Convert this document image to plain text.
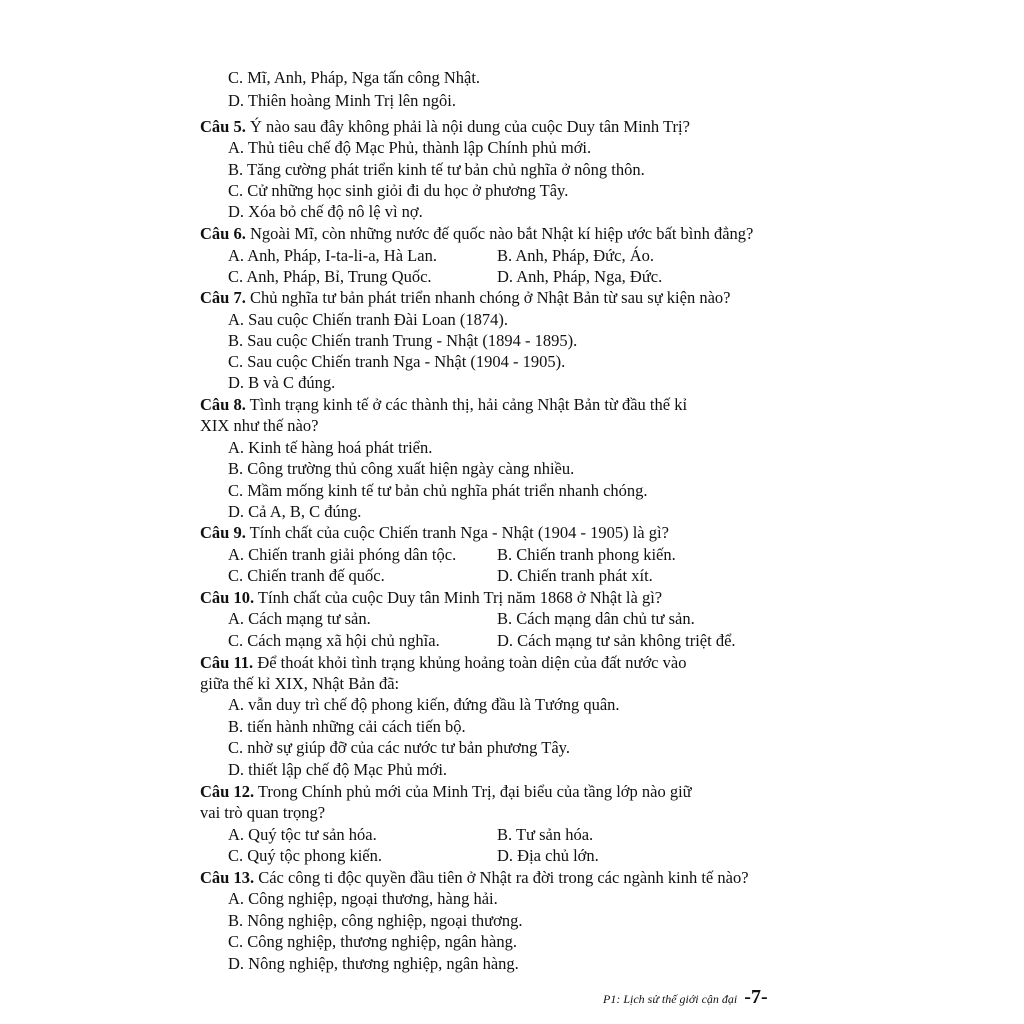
C. Mĩ, Anh, Pháp, Nga tấn công Nhật.
D. Thiên hoàng Minh Trị lên ngôi.
Câu 5. Ý nào sau đây không phải là nội dung của cuộc Duy tân Minh Trị?
A. Thủ tiêu chế độ Mạc Phủ, thành lập Chính phủ mới.
B. Tăng cường phát triển kinh tế tư bản chủ nghĩa ở nông thôn.
C. Cử những học sinh giỏi đi du học ở phương Tây.
D. Xóa bỏ chế độ nô lệ vì nợ.
Câu 6. Ngoài Mĩ, còn những nước đế quốc nào bắt Nhật kí hiệp ước bất bình đẳng?
A. Anh, Pháp, I-ta-li-a, Hà Lan.	B. Anh, Pháp, Đức, Áo.
C. Anh, Pháp, Bỉ, Trung Quốc.	D. Anh, Pháp, Nga, Đức.
Câu 7. Chủ nghĩa tư bản phát triển nhanh chóng ở Nhật Bản từ sau sự kiện nào?
A. Sau cuộc Chiến tranh Đài Loan (1874).
B. Sau cuộc Chiến tranh Trung - Nhật (1894 - 1895).
C. Sau cuộc Chiến tranh Nga - Nhật (1904 - 1905).
D. B và C đúng.
Câu 8. Tình trạng kinh tế ở các thành thị, hải cảng Nhật Bản từ đầu thế kỉ
XIX như thế nào?
A. Kinh tế hàng hoá phát triển.
B. Công trường thủ công xuất hiện ngày càng nhiều.
C. Mầm mống kinh tế tư bản chủ nghĩa phát triển nhanh chóng.
D. Cả A, B, C đúng.
Câu 9. Tính chất của cuộc Chiến tranh Nga - Nhật (1904 - 1905) là gì?
A. Chiến tranh giải phóng dân tộc. B. Chiến tranh phong kiến.
C. Chiến tranh đế quốc.	D. Chiến tranh phát xít.
Câu 10. Tính chất của cuộc Duy tân Minh Trị năm 1868 ở Nhật là gì?
A. Cách mạng tư sản.	B. Cách mạng dân chủ tư sản.
C. Cách mạng xã hội chủ nghĩa.	D. Cách mạng tư sản không triệt để.
Câu 11. Để thoát khỏi tình trạng khủng hoảng toàn diện của đất nước vào
giữa thế kỉ XIX, Nhật Bản đã:
A. vẫn duy trì chế độ phong kiến, đứng đầu là Tướng quân.
B. tiến hành những cải cách tiến bộ.
C. nhờ sự giúp đỡ của các nước tư bản phương Tây.
D. thiết lập chế độ Mạc Phủ mới.
Câu 12. Trong Chính phủ mới của Minh Trị, đại biểu của tầng lớp nào giữ
vai trò quan trọng?
A. Quý tộc tư sản hóa.	B. Tư sản hóa.
C. Quý tộc phong kiến.	D. Địa chủ lớn.
Câu 13. Các công ti độc quyền đầu tiên ở Nhật ra đời trong các ngành kinh tế nào?
A. Công nghiệp, ngoại thương, hàng hải.
B. Nông nghiệp, công nghiệp, ngoại thương.
C. Công nghiệp, thương nghiệp, ngân hàng.
D. Nông nghiệp, thương nghiệp, ngân hàng.
P1: Lịch sử thế giới cận đại -7-
